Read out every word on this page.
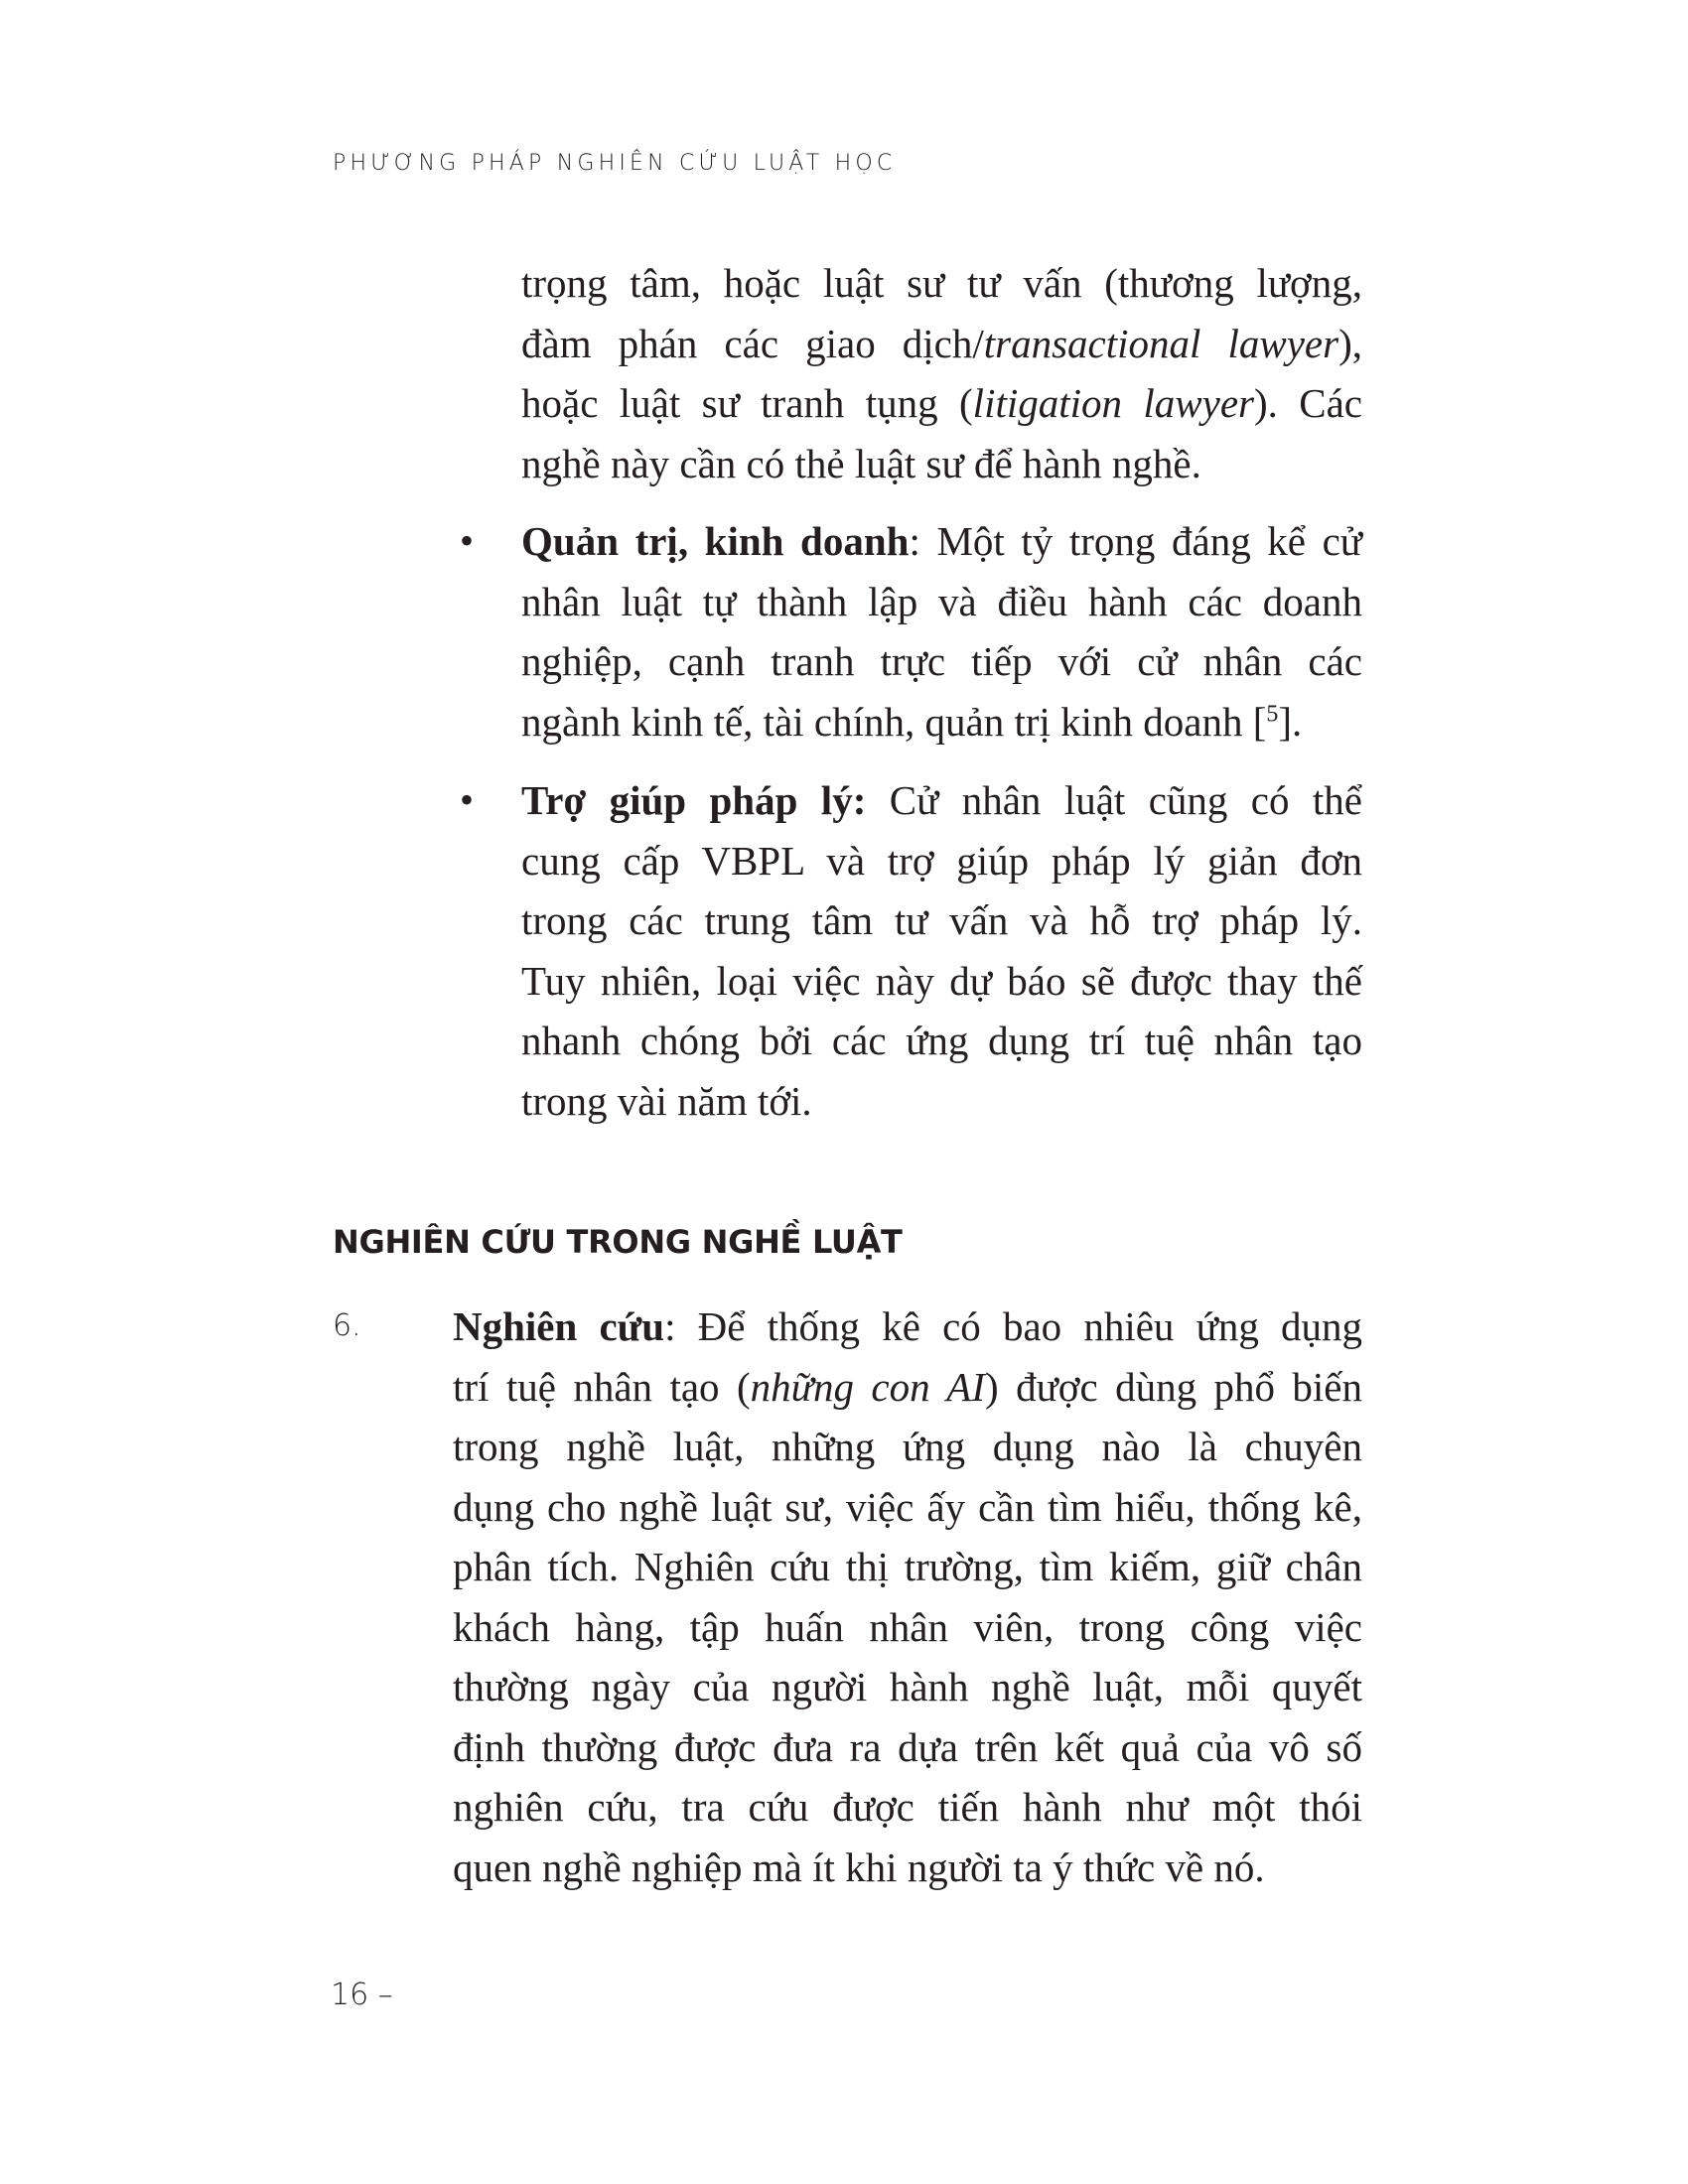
PHƯƠNG PHÁP NGHIÊN CỨU LUẬT HỌC
trọng tâm, hoặc luật sư tư vấn (thương lượng,
đàm phán các giao dịch/transactional lawyer),
hoặc luật sư tranh tụng (litigation lawyer). Các
nghề này cần có thẻ luật sư để hành nghề.
• Quản trị, kinh doanh: Một tỷ trọng đáng kể cử
nhân luật tự thành lập và điều hành các doanh
nghiệp, cạnh tranh trực tiếp với cử nhân các
ngành kinh tế, tài chính, quản trị kinh doanh [$^5$].
• Trợ giúp pháp lý: Cử nhân luật cũng có thể
cung cấp VBPL và trợ giúp pháp lý giản đơn
trong các trung tâm tư vấn và hỗ trợ pháp lý.
Tuy nhiên, loại việc này dự báo sẽ được thay thế
nhanh chóng bởi các ứng dụng trí tuệ nhân tạo
trong vài năm tới.
NGHIÊN CỨU TRONG NGHỀ LUẬT
6. Nghiên cứu: Để thống kê có bao nhiêu ứng dụng
trí tuệ nhân tạo (những con AI) được dùng phổ biến
trong nghề luật, những ứng dụng nào là chuyên
dụng cho nghề luật sư, việc ấy cần tìm hiểu, thống kê,
phân tích. Nghiên cứu thị trường, tìm kiếm, giữ chân
khách hàng, tập huấn nhân viên, trong công việc
thường ngày của người hành nghề luật, mỗi quyết
định thường được đưa ra dựa trên kết quả của vô số
nghiên cứu, tra cứu được tiến hành như một thói
quen nghề nghiệp mà ít khi người ta ý thức về nó.
16 –
